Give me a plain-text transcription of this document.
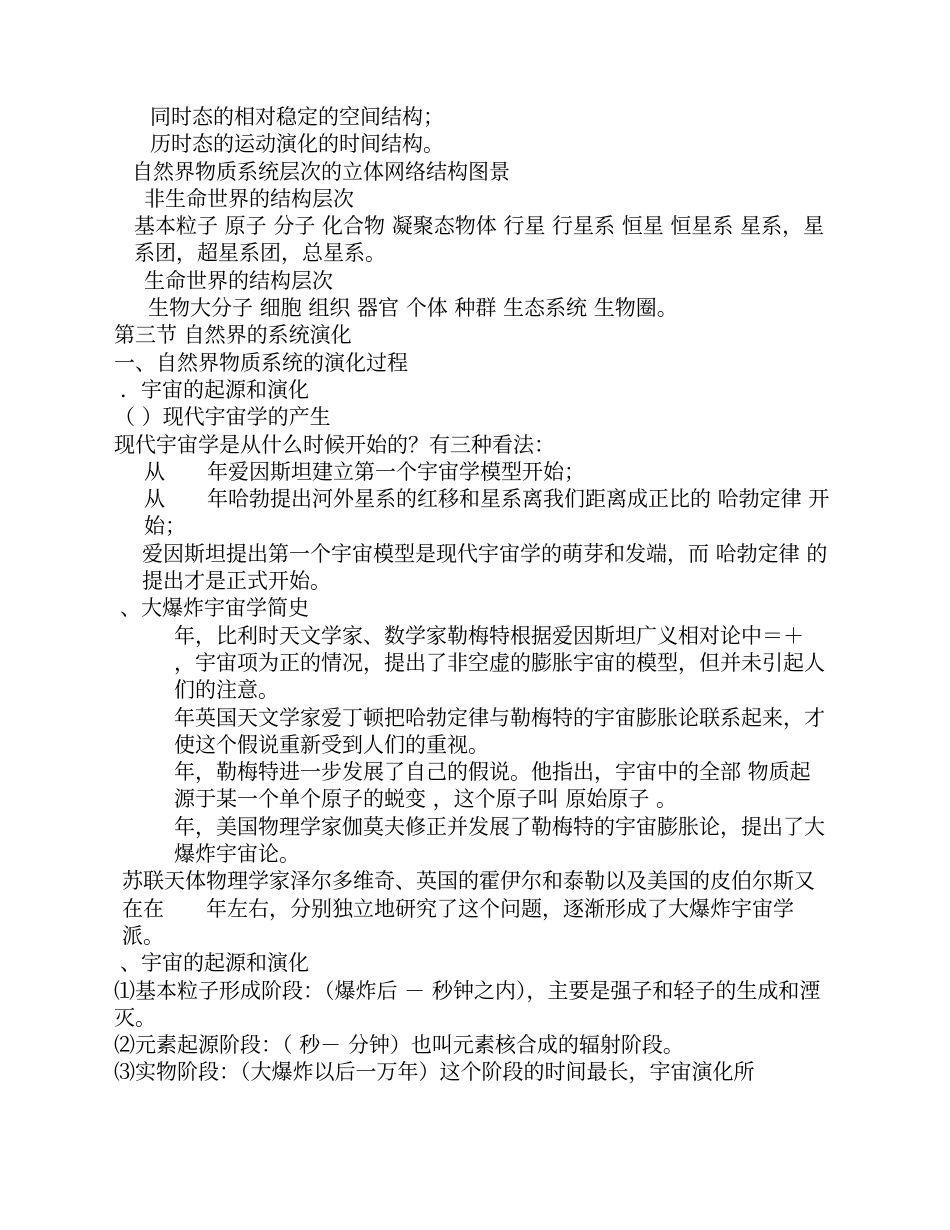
同时态的相对稳定的空间结构；

历时态的运动演化的时间结构。

自然界物质系统层次的立体网络结构图景

非生命世界的结构层次

基本粒子 原子 分子 化合物 凝聚态物体 行星 行星系 恒星 恒星系 星系，星系团，超星系团，总星系。

生命世界的结构层次

生物大分子 细胞 组织 器官 个体 种群 生态系统 生物圈。

第三节 自然界的系统演化

一、自然界物质系统的演化过程

．宇宙的起源和演化

（ ）现代宇宙学的产生

现代宇宙学是从什么时候开始的？有三种看法：

从　　年爱因斯坦建立第一个宇宙学模型开始；

从　　年哈勃提出河外星系的红移和星系离我们距离成正比的 哈勃定律 开始；

爱因斯坦提出第一个宇宙模型是现代宇宙学的萌芽和发端，而 哈勃定律 的提出才是正式开始。

、大爆炸宇宙学简史

年，比利时天文学家、数学家勒梅特根据爱因斯坦广义相对论中＝＋ ，宇宙项为正的情况，提出了非空虚的膨胀宇宙的模型，但并未引起人们的注意。

年英国天文学家爱丁顿把哈勃定律与勒梅特的宇宙膨胀论联系起来，才使这个假说重新受到人们的重视。

年，勒梅特进一步发展了自己的假说。他指出，宇宙中的全部 物质起源于某一个单个原子的蜕变 ，这个原子叫 原始原子 。

年，美国物理学家伽莫夫修正并发展了勒梅特的宇宙膨胀论，提出了大爆炸宇宙论。

苏联天体物理学家泽尔多维奇、英国的霍伊尔和泰勒以及美国的皮伯尔斯又在在　　年左右，分别独立地研究了这个问题，逐渐形成了大爆炸宇宙学派。

、宇宙的起源和演化

⑴基本粒子形成阶段：（爆炸后 － 秒钟之内），主要是强子和轻子的生成和湮灭。

⑵元素起源阶段：（ 秒－ 分钟）也叫元素核合成的辐射阶段。

⑶实物阶段：（大爆炸以后一万年）这个阶段的时间最长，宇宙演化所
